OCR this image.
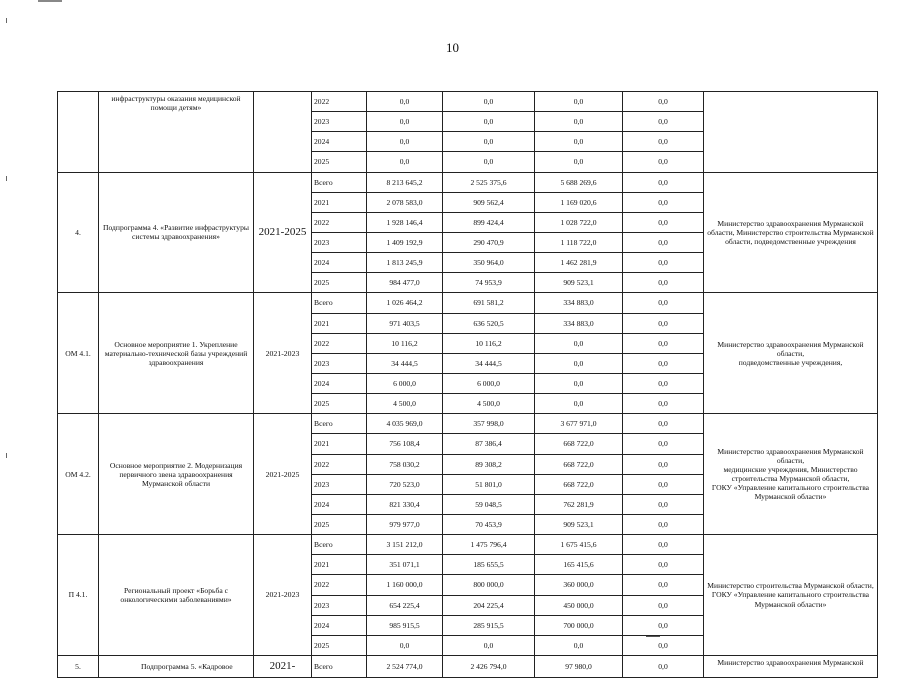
10
	инфраструктуры оказания медицинской помощи детям»		2022	0,0	0,0	0,0	0,0	
			2023	0,0	0,0	0,0	0,0	
			2024	0,0	0,0	0,0	0,0	
			2025	0,0	0,0	0,0	0,0	
4.	Подпрограмма 4. «Развитие инфраструктуры системы здравоохранения»	2021-2025	Всего	8 213 645,2	2 525 375,6	5 688 269,6	0,0	Министерство здравоохранения Мурманской области, Министерство строительства Мурманской области, подведомственные учреждения

			2021	2 078 583,0	909 562,4	1 169 020,6	0,0	
			2022	1 928 146,4	899 424,4	1 028 722,0	0,0	
			2023	1 409 192,9	290 470,9	1 118 722,0	0,0	
			2024	1 813 245,9	350 964,0	1 462 281,9	0,0	
			2025	984 477,0	74 953,9	909 523,1	0,0	
ОМ 4.1.	Основное мероприятие 1. Укрепление материально-технической базы учреждений здравоохранения	2021-2023	Всего	1 026 464,2	691 581,2	334 883,0	0,0	Министерство здравоохранения Мурманской области,
подведомственные учреждения,

			2021	971 403,5	636 520,5	334 883,0	0,0	
			2022	10 116,2	10 116,2	0,0	0,0	
			2023	34 444,5	34 444,5	0,0	0,0	
			2024	6 000,0	6 000,0	0,0	0,0	
			2025	4 500,0	4 500,0	0,0	0,0	
ОМ 4.2.	Основное мероприятие 2. Модернизация первичного звена здравоохранения Мурманской области	2021-2025	Всего	4 035 969,0	357 998,0	3 677 971,0	0,0	Министерство здравоохранения Мурманской области,
медицинские учреждения, Министерство строительства Мурманской области,
ГОКУ «Управление капитального строительства Мурманской области»

			2021	756 108,4	87 386,4	668 722,0	0,0	
			2022	758 030,2	89 308,2	668 722,0	0,0	
			2023	720 523,0	51 801,0	668 722,0	0,0	
			2024	821 330,4	59 048,5	762 281,9	0,0	
			2025	979 977,0	70 453,9	909 523,1	0,0	
П 4.1.	Региональный проект «Борьба с онкологическими заболеваниями»	2021-2023	Всего	3 151 212,0	1 475 796,4	1 675 415,6	0,0	Министерство строительства Мурманской области,
ГОКУ «Управление капитального строительства Мурманской области»

			2021	351 071,1	185 655,5	165 415,6	0,0	
			2022	1 160 000,0	800 000,0	360 000,0	0,0	
			2023	654 225,4	204 225,4	450 000,0	0,0	
			2024	985 915,5	285 915,5	700 000,0	0,0	
			2025	0,0	0,0	0,0	0,0	
5.	Подпрограмма 5. «Кадровое	2021-	Всего	2 524 774,0	2 426 794,0	97 980,0	0,0	Министерство здравоохранения Мурманской
